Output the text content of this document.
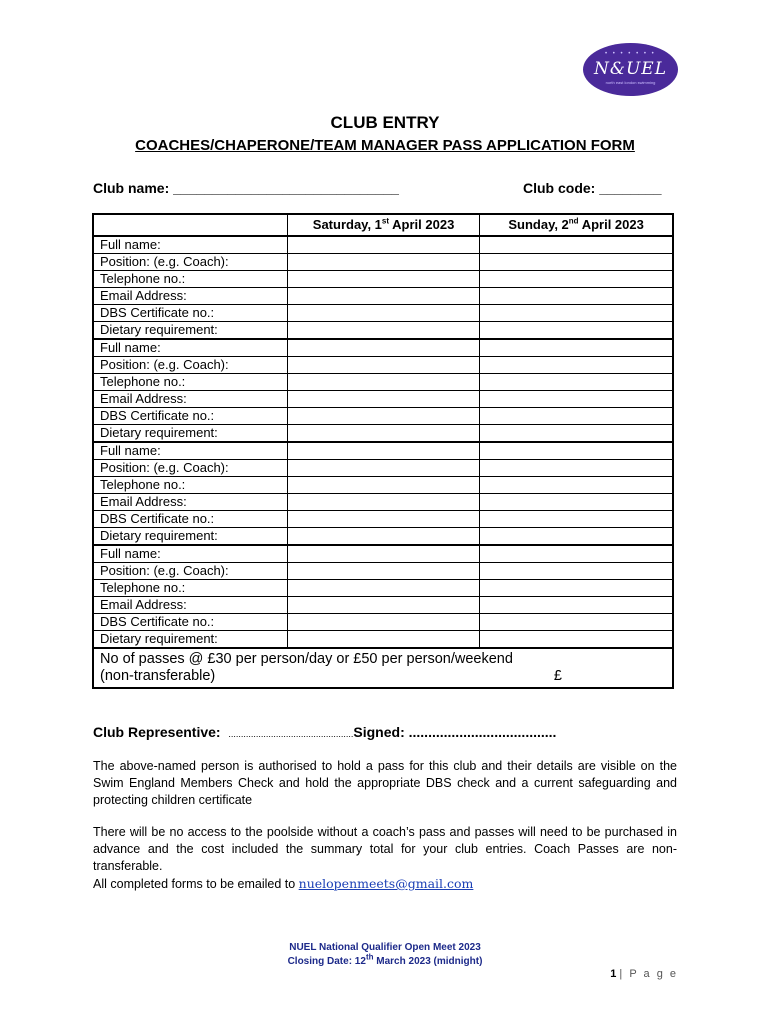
• • • • • • •
N&UEL
north east london swimming
CLUB ENTRY
COACHES/CHAPERONE/TEAM MANAGER PASS APPLICATION FORM
Club name: _____________________________	Club code: ________
	Saturday, 1st April 2023	Sunday, 2nd April 2023
Full name:		
Position: (e.g. Coach):		
Telephone no.:		
Email Address:		
DBS Certificate no.:		
Dietary requirement:		
Full name:		
Position: (e.g. Coach):		
Telephone no.:		
Email Address:		
DBS Certificate no.:		
Dietary requirement:		
Full name:		
Position: (e.g. Coach):		
Telephone no.:		
Email Address:		
DBS Certificate no.:		
Dietary requirement:		
Full name:		
Position: (e.g. Coach):		
Telephone no.:		
Email Address:		
DBS Certificate no.:		
Dietary requirement:		

No of passes @ £30 per person/day or £50 per person/weekend
(non-transferable) £		
Club Representive: ..................................................Signed: ......................................
The above-named person is authorised to hold a pass for this club and their details are visible on the Swim England Members Check and hold the appropriate DBS check and a current safeguarding and protecting children certificate
There will be no access to the poolside without a coach’s pass and passes will need to be purchased in advance and the cost included the summary total for your club entries. Coach Passes are non-transferable.
All completed forms to be emailed to nuelopenmeets@gmail.com
NUEL National Qualifier Open Meet 2023
Closing Date: 12th March 2023 (midnight)
1 | P a g e
